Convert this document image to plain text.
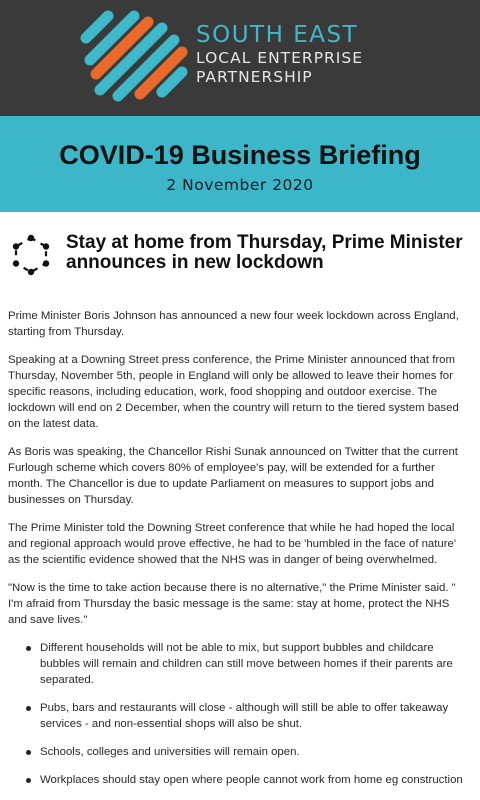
SOUTH EAST
LOCAL ENTERPRISE
PARTNERSHIP
COVID-19 Business Briefing
2 November 2020
Stay at home from Thursday, Prime Minister announces in new lockdown

Prime Minister Boris Johnson has announced a new four week lockdown across England, starting from Thursday.

Speaking at a Downing Street press conference, the Prime Minister announced that from Thursday, November 5th, people in England will only be allowed to leave their homes for specific reasons, including education, work, food shopping and outdoor exercise. The lockdown will end on 2 December, when the country will return to the tiered system based on the latest data.

As Boris was speaking, the Chancellor Rishi Sunak announced on Twitter that the current Furlough scheme which covers 80% of employee's pay, will be extended for a further month. The Chancellor is due to update Parliament on measures to support jobs and businesses on Thursday.

The Prime Minister told the Downing Street conference that while he had hoped the local and regional approach would prove effective, he had to be 'humbled in the face of nature' as the scientific evidence showed that the NHS was in danger of being overwhelmed.

"Now is the time to take action because there is no alternative," the Prime Minister said. " I'm afraid from Thursday the basic message is the same: stay at home, protect the NHS and save lives."

Different households will not be able to mix, but support bubbles and childcare bubbles will remain and children can still move between homes if their parents are separated.
Pubs, bars and restaurants will close - although will still be able to offer takeaway services - and non-essential shops will also be shut.
Schools, colleges and universities will remain open.
Workplaces should stay open where people cannot work from home eg construction
